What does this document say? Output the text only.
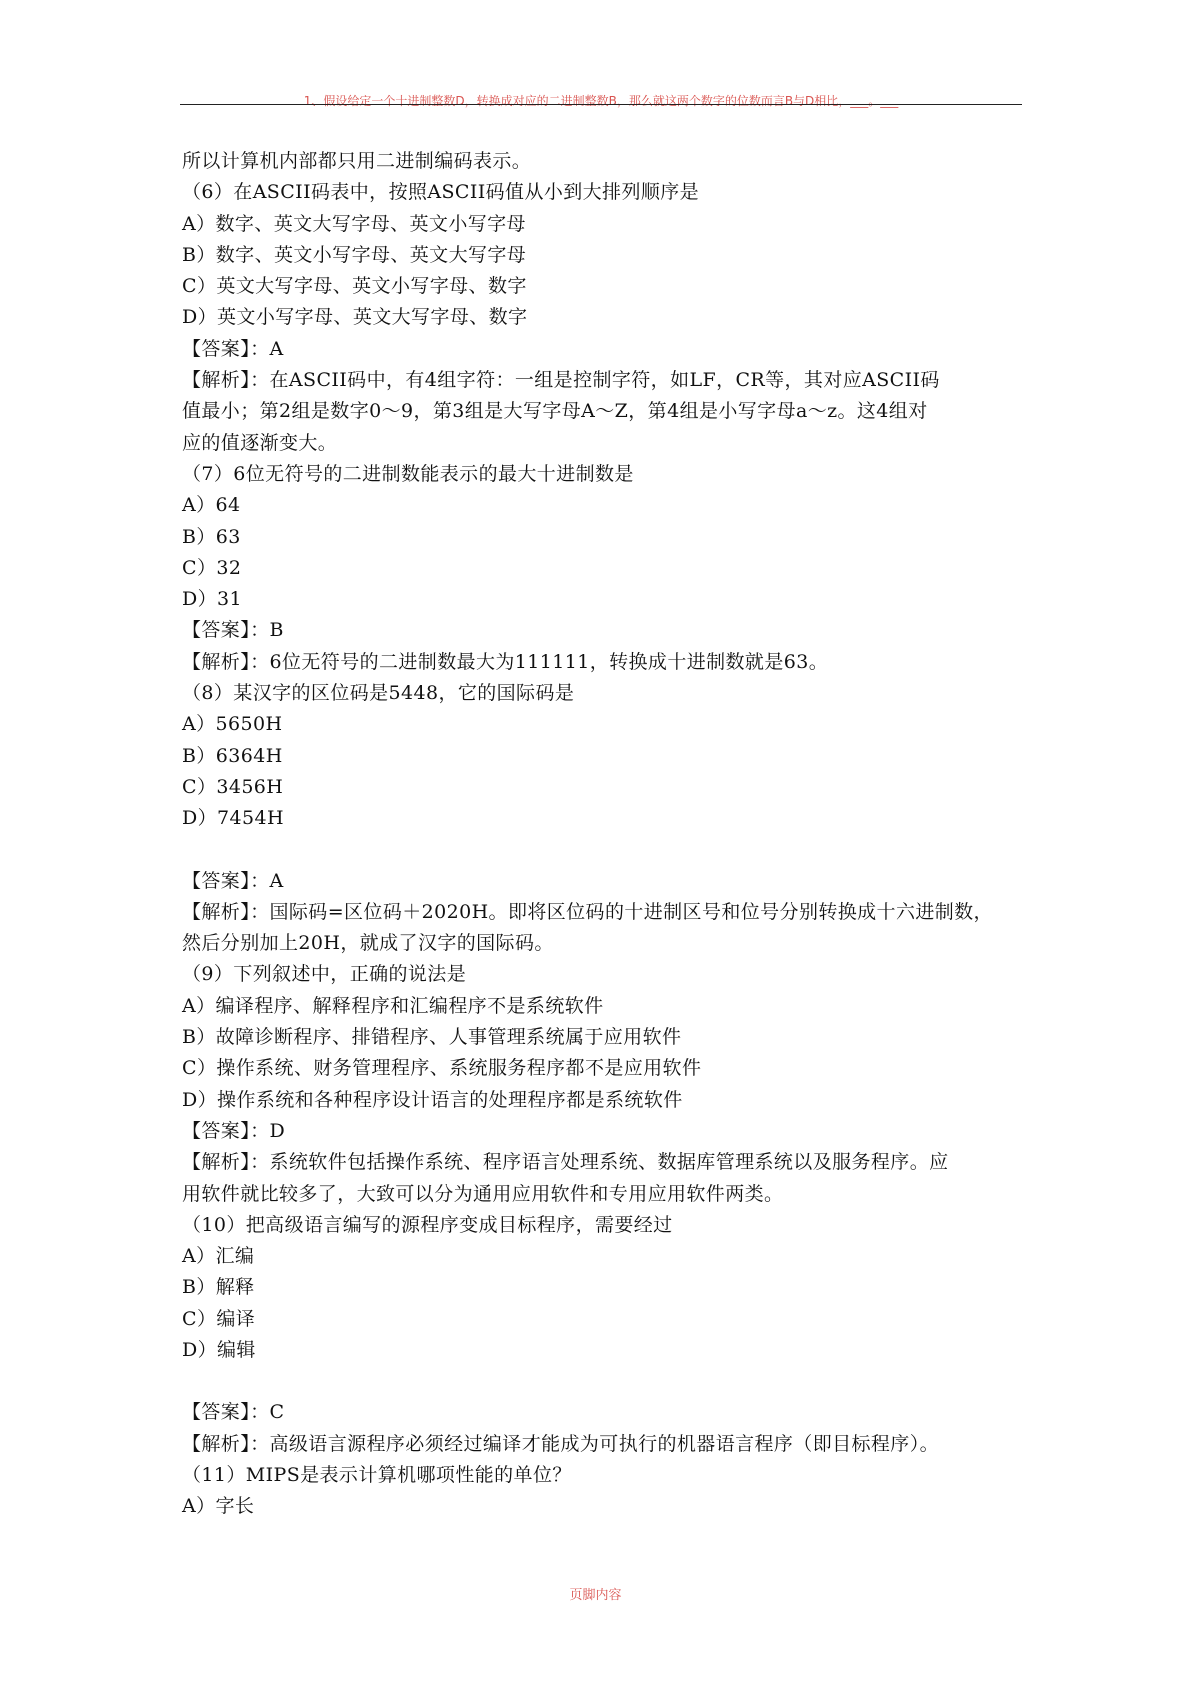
1、假设给定一个十进制整数D，转换成对应的二进制整数B，那么就这两个数字的位数而言B与D相比，___。___

所以计算机内部都只用二进制编码表示。

（6）在ASCII码表中，按照ASCII码值从小到大排列顺序是

A）数字、英文大写字母、英文小写字母

B）数字、英文小写字母、英文大写字母

C）英文大写字母、英文小写字母、数字

D）英文小写字母、英文大写字母、数字

【答案】：A

【解析】：在ASCII码中，有4组字符：一组是控制字符，如LF，CR等，其对应ASCII码

值最小；第2组是数字0～9，第3组是大写字母A～Z，第4组是小写字母a～z。这4组对

应的值逐渐变大。

（7）6位无符号的二进制数能表示的最大十进制数是

A）64

B）63

C）32

D）31

【答案】：B

【解析】：6位无符号的二进制数最大为111111，转换成十进制数就是63。

（8）某汉字的区位码是5448，它的国际码是

A）5650H

B）6364H

C）3456H

D）7454H

【答案】：A

【解析】：国际码=区位码＋2020H。即将区位码的十进制区号和位号分别转换成十六进制数，

然后分别加上20H，就成了汉字的国际码。

（9）下列叙述中，正确的说法是

A）编译程序、解释程序和汇编程序不是系统软件

B）故障诊断程序、排错程序、人事管理系统属于应用软件

C）操作系统、财务管理程序、系统服务程序都不是应用软件

D）操作系统和各种程序设计语言的处理程序都是系统软件

【答案】：D

【解析】：系统软件包括操作系统、程序语言处理系统、数据库管理系统以及服务程序。应

用软件就比较多了，大致可以分为通用应用软件和专用应用软件两类。

（10）把高级语言编写的源程序变成目标程序，需要经过

A）汇编

B）解释

C）编译

D）编辑

【答案】：C

【解析】：高级语言源程序必须经过编译才能成为可执行的机器语言程序（即目标程序）。

（11）MIPS是表示计算机哪项性能的单位？

A）字长

页脚内容
